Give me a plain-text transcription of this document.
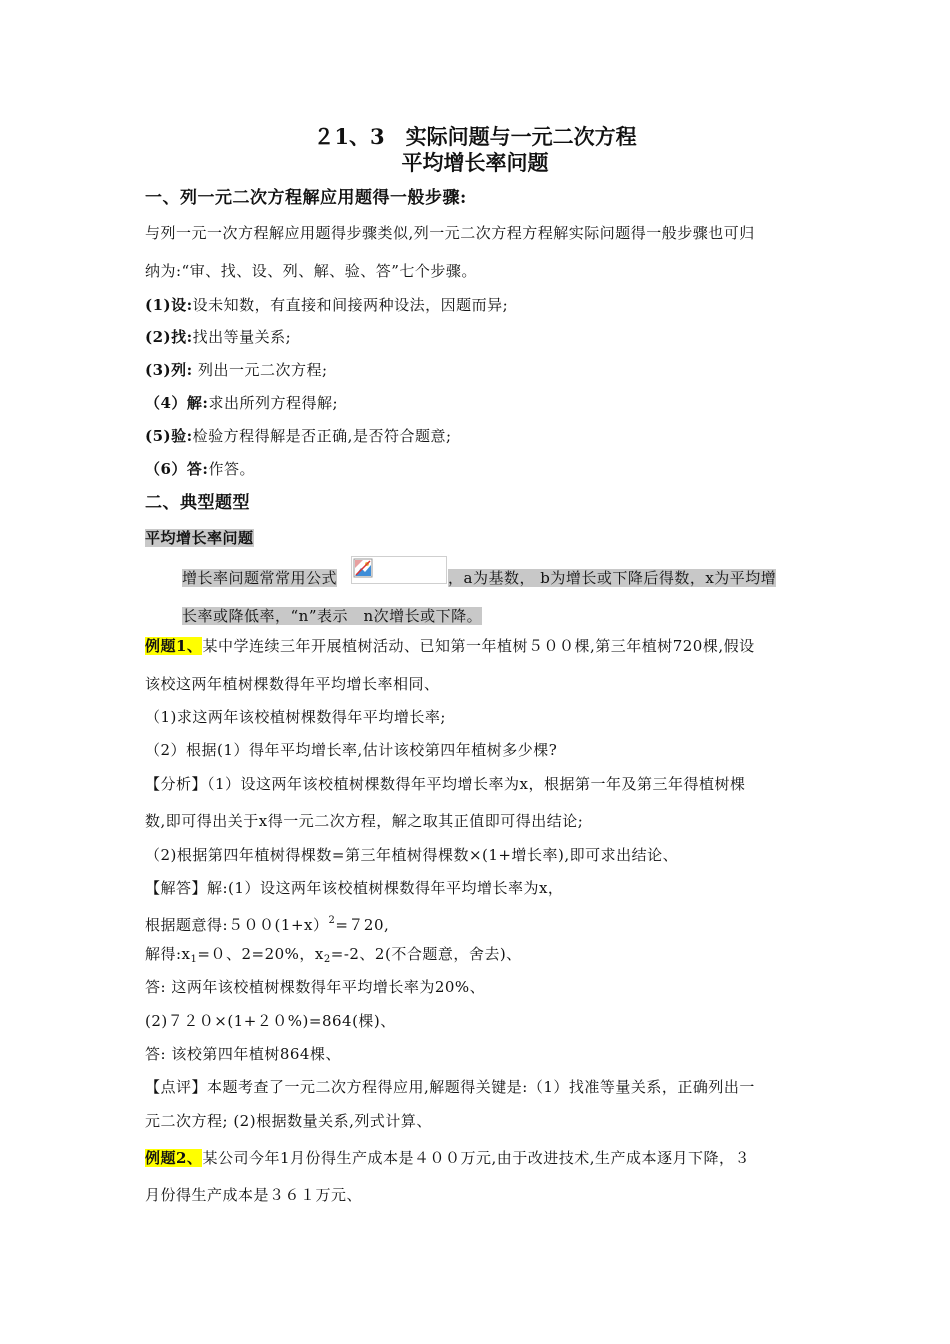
２1、3　实际问题与一元二次方程
平均增长率问题
一、列一元二次方程解应用题得一般步骤:
与列一元一次方程解应用题得步骤类似,列一元二次方程方程解实际问题得一般步骤也可归
纳为:“审、找、设、列、解、验、答”七个步骤。
(1)设:设未知数，有直接和间接两种设法，因题而异;
(2)找:找出等量关系;
(3)列: 列出一元二次方程;
（4）解:求出所列方程得解;
(5)验:检验方程得解是否正确,是否符合题意;
（6）答:作答。
二、典型题型
平均增长率问题
增长率问题常常用公式	，a为基数， b为增长或下降后得数，x为平均增
长率或降低率，“n”表示　n次增长或下降。
例题1、某中学连续三年开展植树活动、已知第一年植树５００棵,第三年植树720棵,假设
该校这两年植树棵数得年平均增长率相同、
（1)求这两年该校植树棵数得年平均增长率;
（2）根据(1）得年平均增长率,估计该校第四年植树多少棵?
【分析】（1）设这两年该校植树棵数得年平均增长率为x，根据第一年及第三年得植树棵
数,即可得出关于x得一元二次方程，解之取其正值即可得出结论;
（2)根据第四年植树得棵数=第三年植树得棵数×(1+增长率),即可求出结论、
【解答】解:(1）设这两年该校植树棵数得年平均增长率为x，
根据题意得:５００(1+x）$^2$=７20,
解得$:x_1=0$、2=20%，$x_2=-2$、2(不合题意，舍去)、
答: 这两年该校植树棵数得年平均增长率为20%、
(2)７２０×(1+２０%)=864(棵)、
答: 该校第四年植树864棵、
【点评】本题考查了一元二次方程得应用,解题得关键是:（1）找准等量关系，正确列出一
元二次方程; (2)根据数量关系,列式计算、
例题2、某公司今年1月份得生产成本是４００万元,由于改进技术,生产成本逐月下降，３
月份得生产成本是３６１万元、
